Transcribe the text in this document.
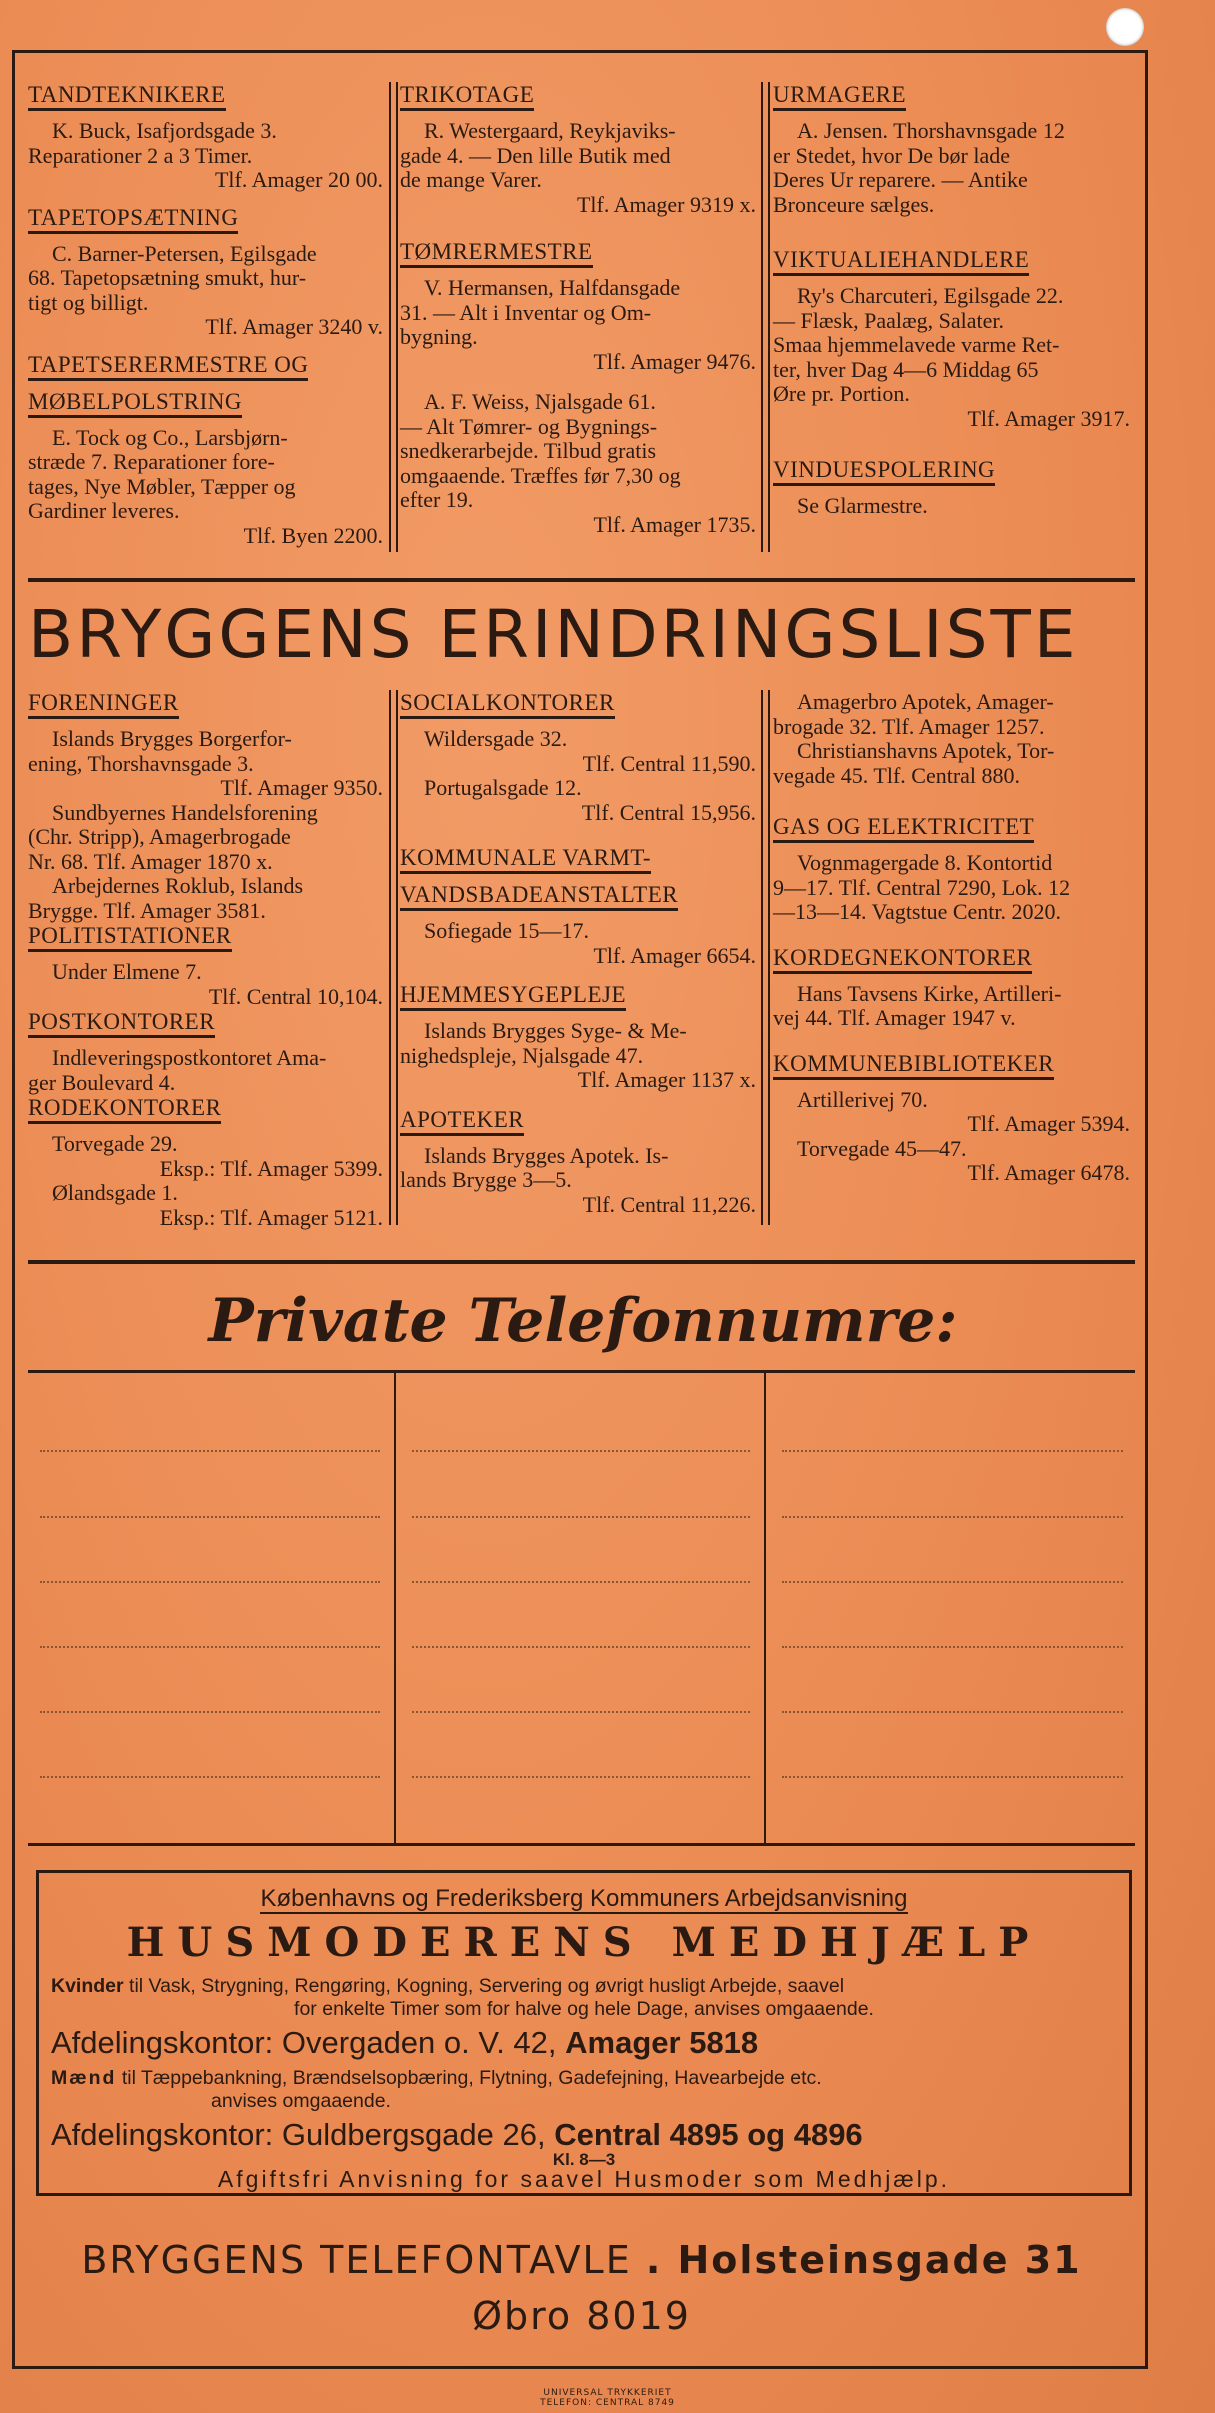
TANDTEKNIKERE

K. Buck, Isafjordsgade 3.

Reparationer 2 a 3 Timer.

Tlf. Amager 20 00.

TAPETOPSÆTNING

C. Barner-Petersen, Egilsgade

68. Tapetopsætning smukt, hur-

tigt og billigt.

Tlf. Amager 3240 v.

TAPETSERERMESTRE OG
MØBELPOLSTRING

E. Tock og Co., Larsbjørn-

stræde 7. Reparationer fore-

tages, Nye Møbler, Tæpper og

Gardiner leveres.

Tlf. Byen 2200.

TRIKOTAGE

R. Westergaard, Reykjaviks-

gade 4. — Den lille Butik med

de mange Varer.

Tlf. Amager 9319 x.

TØMRERMESTRE

V. Hermansen, Halfdansgade

31. — Alt i Inventar og Om-

bygning.

Tlf. Amager 9476.

A. F. Weiss, Njalsgade 61.

— Alt Tømrer- og Bygnings-

snedkerarbejde. Tilbud gratis

omgaaende. Træffes før 7,30 og

efter 19.

Tlf. Amager 1735.

URMAGERE

A. Jensen. Thorshavnsgade 12

er Stedet, hvor De bør lade

Deres Ur reparere. — Antike

Bronceure sælges.

VIKTUALIEHANDLERE

Ry's Charcuteri, Egilsgade 22.

— Flæsk, Paalæg, Salater.

Smaa hjemmelavede varme Ret-

ter, hver Dag 4—6 Middag 65

Øre pr. Portion.

Tlf. Amager 3917.

VINDUESPOLERING

Se Glarmestre.

BRYGGENS ERINDRINGSLISTE
FORENINGER

Islands Brygges Borgerfor-

ening, Thorshavnsgade 3.

Tlf. Amager 9350.

Sundbyernes Handelsforening

(Chr. Stripp), Amagerbrogade

Nr. 68. Tlf. Amager 1870 x.

Arbejdernes Roklub, Islands

Brygge. Tlf. Amager 3581.

POLITISTATIONER

Under Elmene 7.

Tlf. Central 10,104.

POSTKONTORER

Indleveringspostkontoret Ama-

ger Boulevard 4.

RODEKONTORER

Torvegade 29.

Eksp.: Tlf. Amager 5399.

Ølandsgade 1.

Eksp.: Tlf. Amager 5121.

SOCIALKONTORER

Wildersgade 32.

Tlf. Central 11,590.

Portugalsgade 12.

Tlf. Central 15,956.

KOMMUNALE VARMT-
VANDSBADEANSTALTER

Sofiegade 15—17.

Tlf. Amager 6654.

HJEMMESYGEPLEJE

Islands Brygges Syge- & Me-

nighedspleje, Njalsgade 47.

Tlf. Amager 1137 x.

APOTEKER

Islands Brygges Apotek. Is-

lands Brygge 3—5.

Tlf. Central 11,226.

Amagerbro Apotek, Amager-

brogade 32. Tlf. Amager 1257.

Christianshavns Apotek, Tor-

vegade 45. Tlf. Central 880.

GAS OG ELEKTRICITET

Vognmagergade 8. Kontortid

9—17. Tlf. Central 7290, Lok. 12

—13—14. Vagtstue Centr. 2020.

KORDEGNEKONTORER

Hans Tavsens Kirke, Artilleri-

vej 44. Tlf. Amager 1947 v.

KOMMUNEBIBLIOTEKER

Artillerivej 70.

Tlf. Amager 5394.

Torvegade 45—47.

Tlf. Amager 6478.

Private Telefonnumre:
Københavns og Frederiksberg Kommuners Arbejdsanvisning
HUSMODERENS MEDHJÆLP
Kvinder til Vask, Strygning, Rengøring, Kogning, Servering og øvrigt husligt Arbejde, saavel
for enkelte Timer som for halve og hele Dage, anvises omgaaende.
Afdelingskontor: Overgaden o. V. 42, Amager 5818
Mænd til Tæppebankning, Brændselsopbæring, Flytning, Gadefejning, Havearbejde etc.
anvises omgaaende.
Afdelingskontor: Guldbergsgade 26, Central 4895 og 4896
Kl. 8—3
Afgiftsfri Anvisning for saavel Husmoder som Medhjælp.
BRYGGENS TELEFONTAVLE . Holsteinsgade 31
Øbro 8019
UNIVERSAL TRYKKERIET
TELEFON: CENTRAL 8749
